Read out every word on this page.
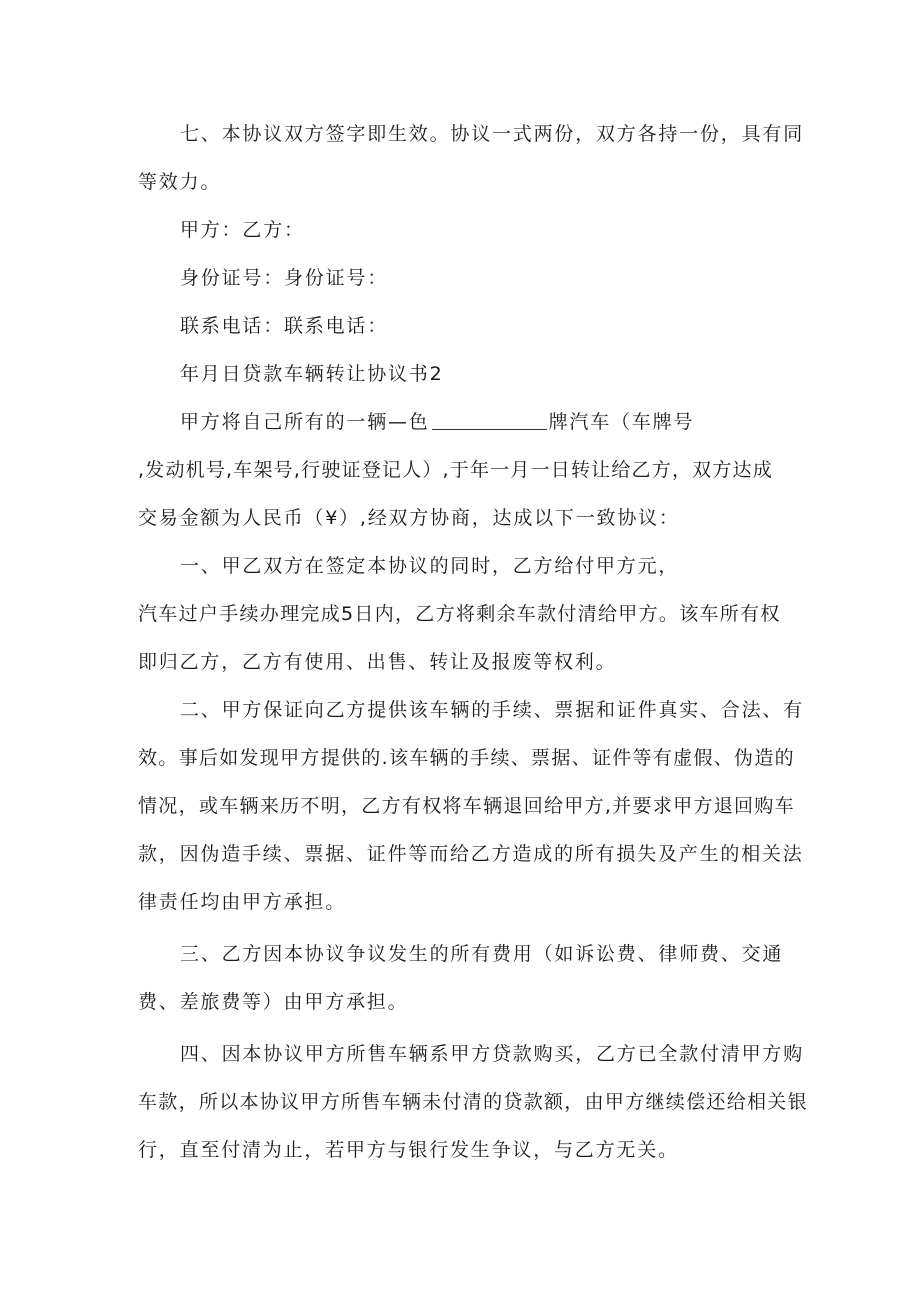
七、本协议双方签字即生效。协议一式两份，双方各持一份，具有同
等效力。
甲方：乙方：
身份证号：身份证号：
联系电话：联系电话：
年月日贷款车辆转让协议书2
甲方将自己所有的一辆—色	牌汽车（车牌号
,发动机号,车架号,行驶证登记人）,于年一月一日转让给乙方，双方达成
交易金额为人民币（¥）,经双方协商，达成以下一致协议：
一、甲乙双方在签定本协议的同时，乙方给付甲方元，
汽车过户手续办理完成5日内，乙方将剩余车款付清给甲方。该车所有权
即归乙方，乙方有使用、出售、转让及报废等权利。
二、甲方保证向乙方提供该车辆的手续、票据和证件真实、合法、有
效。事后如发现甲方提供的.该车辆的手续、票据、证件等有虚假、伪造的
情况，或车辆来历不明，乙方有权将车辆退回给甲方,并要求甲方退回购车
款，因伪造手续、票据、证件等而给乙方造成的所有损失及产生的相关法
律责任均由甲方承担。
三、乙方因本协议争议发生的所有费用（如诉讼费、律师费、交通
费、差旅费等）由甲方承担。
四、因本协议甲方所售车辆系甲方贷款购买，乙方已全款付清甲方购
车款，所以本协议甲方所售车辆未付清的贷款额，由甲方继续偿还给相关银
行，直至付清为止，若甲方与银行发生争议，与乙方无关。
